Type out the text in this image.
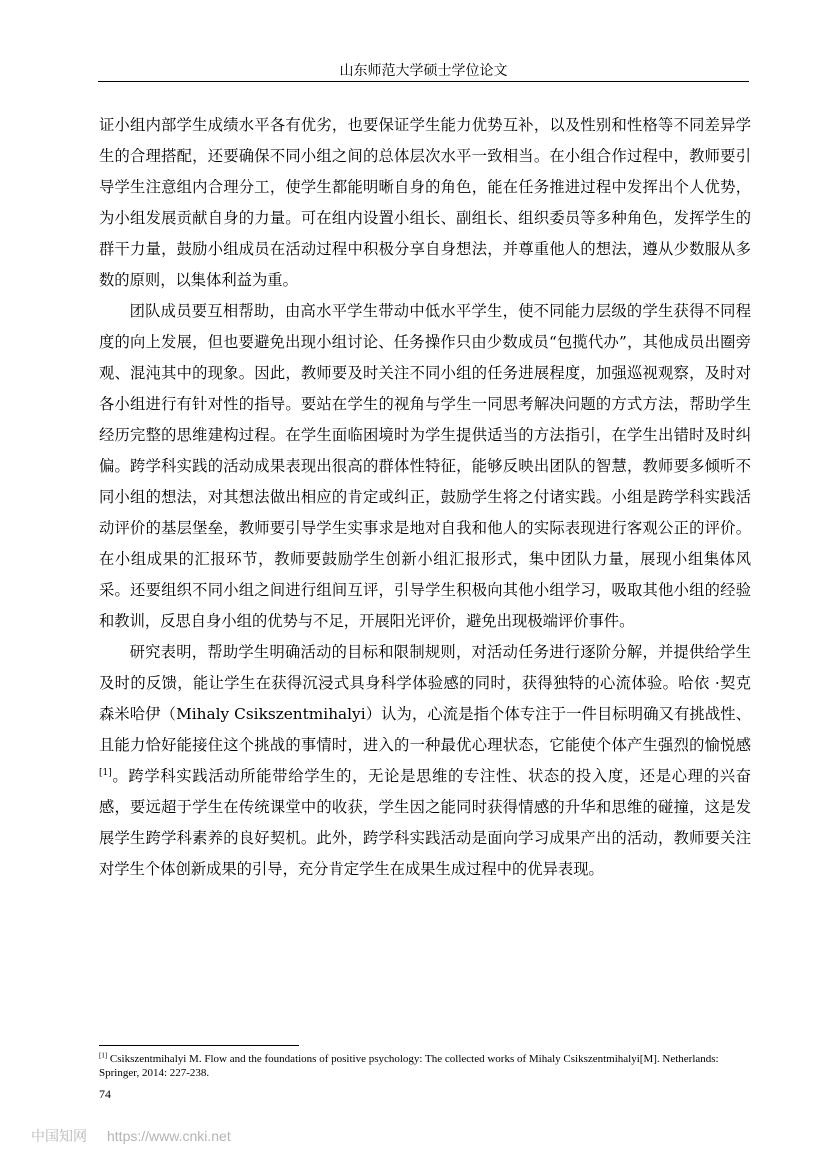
山东师范大学硕士学位论文

证小组内部学生成绩水平各有优劣，也要保证学生能力优势互补，以及性别和性格等不同差异学生的合理搭配，还要确保不同小组之间的总体层次水平一致相当。在小组合作过程中，教师要引导学生注意组内合理分工，使学生都能明晰自身的角色，能在任务推进过程中发挥出个人优势，为小组发展贡献自身的力量。可在组内设置小组长、副组长、组织委员等多种角色，发挥学生的群干力量，鼓励小组成员在活动过程中积极分享自身想法，并尊重他人的想法，遵从少数服从多数的原则，以集体利益为重。

团队成员要互相帮助，由高水平学生带动中低水平学生，使不同能力层级的学生获得不同程度的向上发展，但也要避免出现小组讨论、任务操作只由少数成员“包揽代办”，其他成员出圈旁观、混沌其中的现象。因此，教师要及时关注不同小组的任务进展程度，加强巡视观察，及时对各小组进行有针对性的指导。要站在学生的视角与学生一同思考解决问题的方式方法，帮助学生经历完整的思维建构过程。在学生面临困境时为学生提供适当的方法指引，在学生出错时及时纠偏。跨学科实践的活动成果表现出很高的群体性特征，能够反映出团队的智慧，教师要多倾听不同小组的想法，对其想法做出相应的肯定或纠正，鼓励学生将之付诸实践。小组是跨学科实践活动评价的基层堡垒，教师要引导学生实事求是地对自我和他人的实际表现进行客观公正的评价。在小组成果的汇报环节，教师要鼓励学生创新小组汇报形式，集中团队力量，展现小组集体风采。还要组织不同小组之间进行组间互评，引导学生积极向其他小组学习，吸取其他小组的经验和教训，反思自身小组的优势与不足，开展阳光评价，避免出现极端评价事件。

研究表明，帮助学生明确活动的目标和限制规则，对活动任务进行逐阶分解，并提供给学生及时的反馈，能让学生在获得沉浸式具身科学体验感的同时，获得独特的心流体验。哈依 ·契克森米哈伊（Mihaly Csikszentmihalyi）认为，心流是指个体专注于一件目标明确又有挑战性、且能力恰好能接住这个挑战的事情时，进入的一种最优心理状态，它能使个体产生强烈的愉悦感[1]。跨学科实践活动所能带给学生的，无论是思维的专注性、状态的投入度，还是心理的兴奋感，要远超于学生在传统课堂中的收获，学生因之能同时获得情感的升华和思维的碰撞，这是发展学生跨学科素养的良好契机。此外，跨学科实践活动是面向学习成果产出的活动，教师要关注对学生个体创新成果的引导，充分肯定学生在成果生成过程中的优异表现。

[1] Csikszentmihalyi M. Flow and the foundations of positive psychology: The collected works of Mihaly Csikszentmihalyi[M]. Netherlands: Springer, 2014: 227-238.
74
中国知网 https://www.cnki.net
